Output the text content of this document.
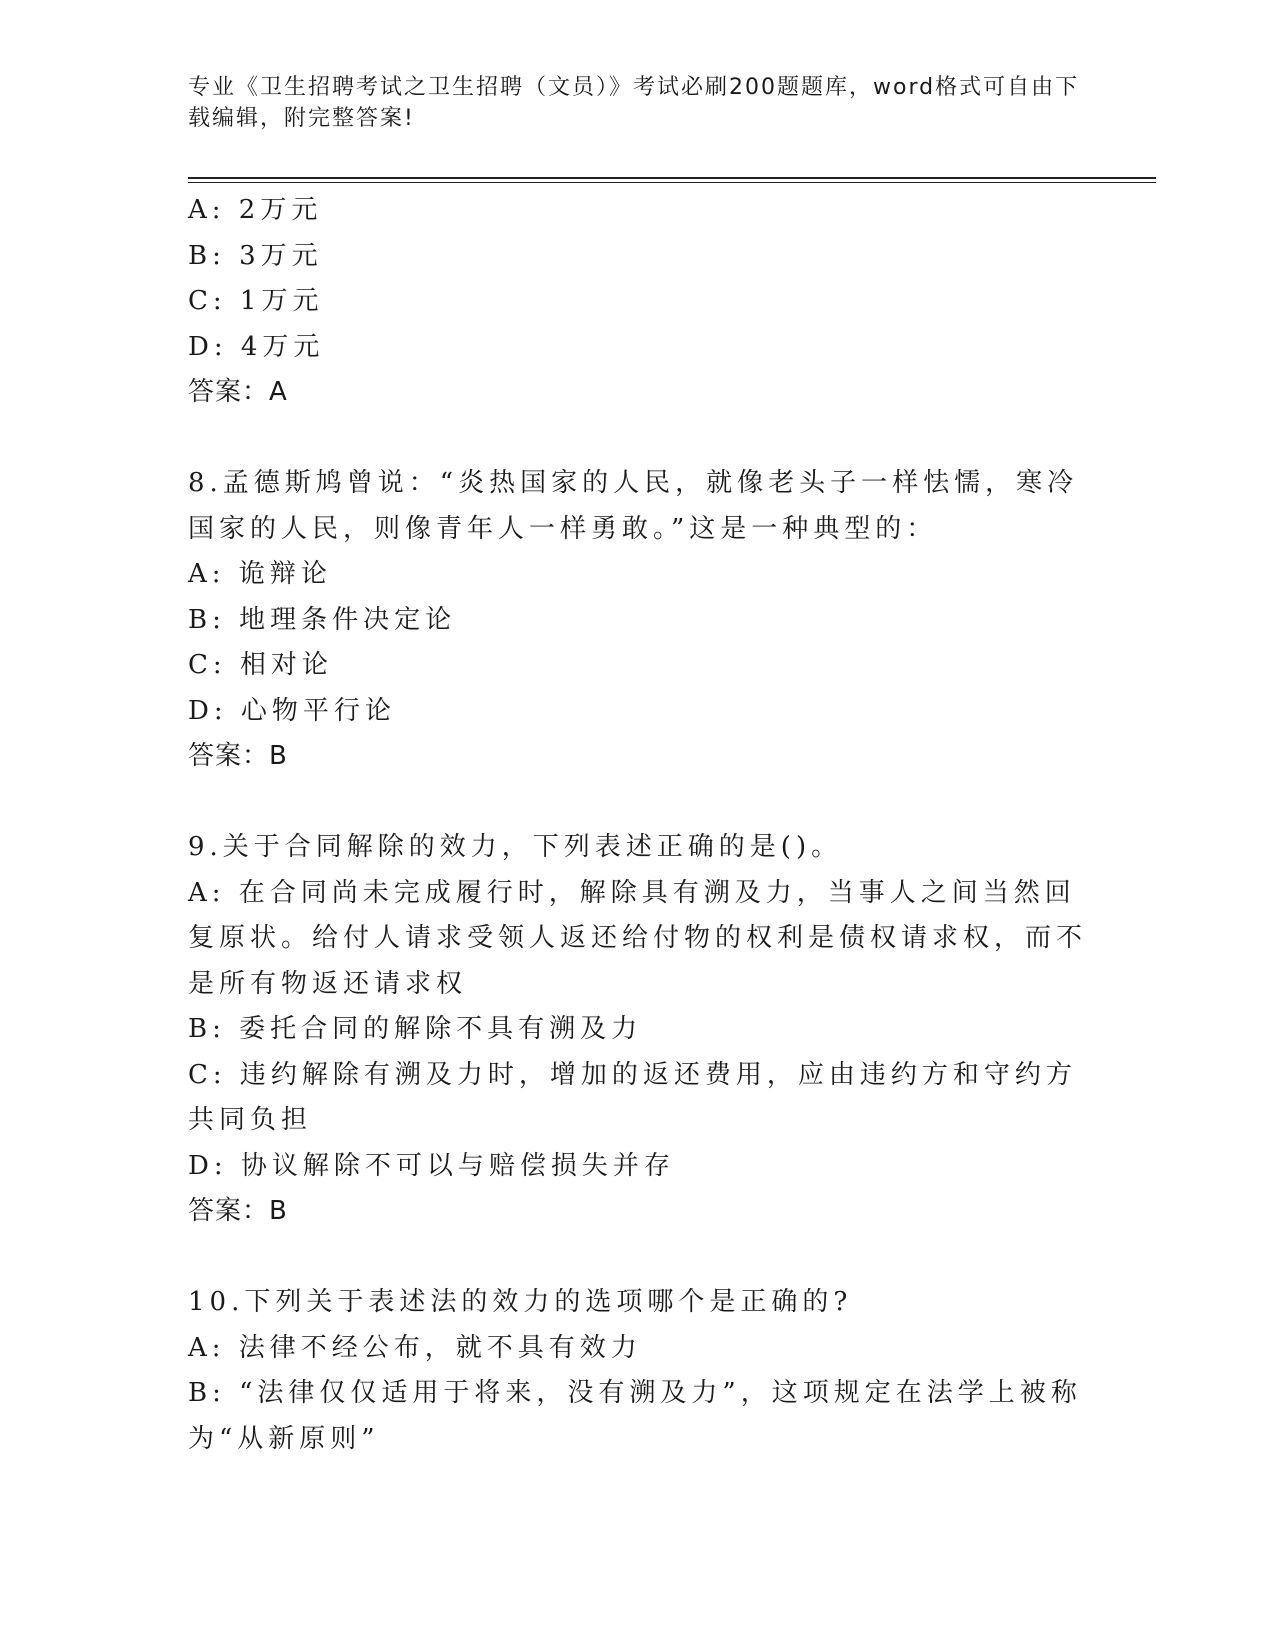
专业《卫生招聘考试之卫生招聘（文员）》考试必刷200题题库，word格式可自由下载编辑，附完整答案!

A: 2万元

B: 3万元

C: 1万元

D: 4万元

答案：A

8.孟德斯鸠曾说：“炎热国家的人民，就像老头子一样怯懦，寒冷国家的人民，则像青年人一样勇敢。”这是一种典型的：

A: 诡辩论

B: 地理条件决定论

C: 相对论

D: 心物平行论

答案：B

9.关于合同解除的效力，下列表述正确的是()。

A: 在合同尚未完成履行时，解除具有溯及力，当事人之间当然回复原状。给付人请求受领人返还给付物的权利是债权请求权，而不是所有物返还请求权

B: 委托合同的解除不具有溯及力

C: 违约解除有溯及力时，增加的返还费用，应由违约方和守约方共同负担

D: 协议解除不可以与赔偿损失并存

答案：B

10.下列关于表述法的效力的选项哪个是正确的?

A: 法律不经公布，就不具有效力

B: “法律仅仅适用于将来，没有溯及力”，这项规定在法学上被称为“从新原则”
